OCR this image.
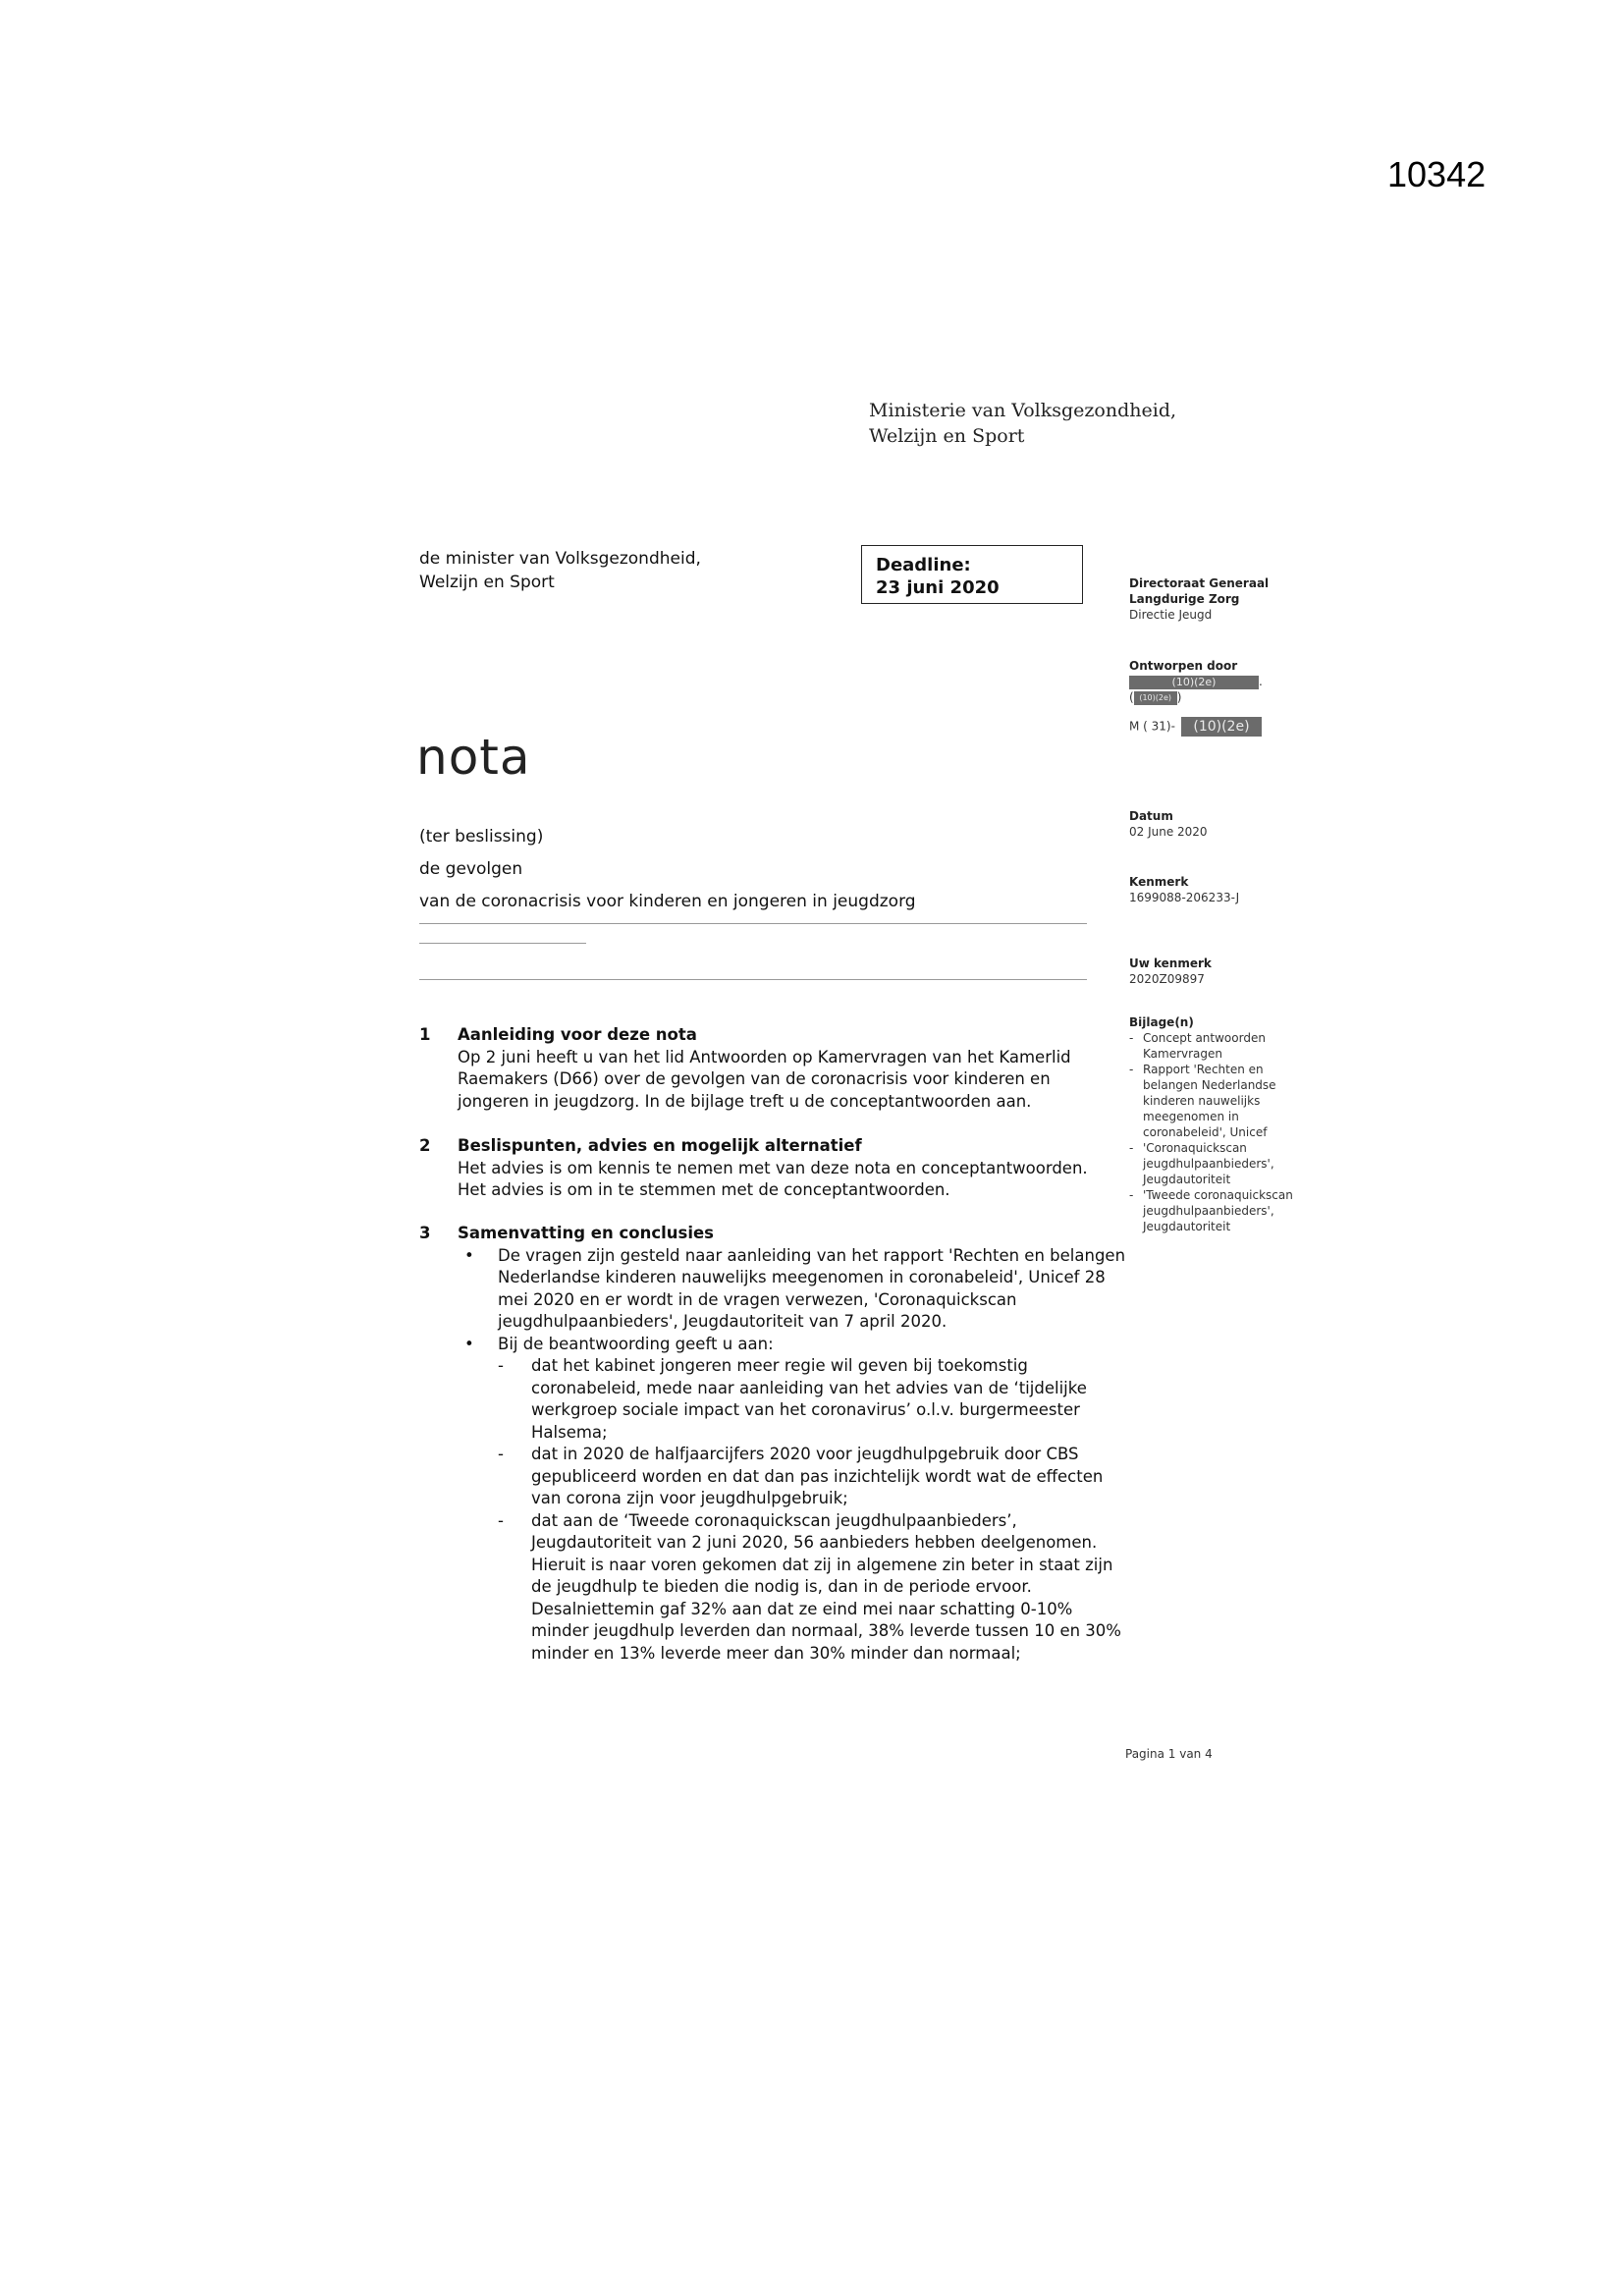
10342
Ministerie van Volksgezondheid,
Welzijn en Sport
de minister van Volksgezondheid,
Welzijn en Sport
Deadline:
23 juni 2020
nota
(ter beslissing)
de gevolgen
van de coronacrisis voor kinderen en jongeren in jeugdzorg
Directoraat Generaal
Langdurige Zorg
Directie Jeugd
Ontworpen door
(10)(2e)	.
( (10)(2e) )
M ( 31)- (10)(2e)
Datum
02 June 2020
Kenmerk
1699088-206233-J
Uw kenmerk
2020Z09897
Bijlage(n)
- Concept antwoorden Kamervragen
- Rapport 'Rechten en belangen Nederlandse kinderen nauwelijks meegenomen in coronabeleid', Unicef
- 'Coronaquickscan jeugdhulpaanbieders', Jeugdautoriteit
- 'Tweede coronaquickscan jeugdhulpaanbieders', Jeugdautoriteit
1 Aanleiding voor deze nota

Op 2 juni heeft u van het lid Antwoorden op Kamervragen van het Kamerlid Raemakers (D66) over de gevolgen van de coronacrisis voor kinderen en jongeren in jeugdzorg. In de bijlage treft u de conceptantwoorden aan.

2 Beslispunten, advies en mogelijk alternatief

Het advies is om kennis te nemen met van deze nota en conceptantwoorden.

Het advies is om in te stemmen met de conceptantwoorden.

3 Samenvatting en conclusies
• De vragen zijn gesteld naar aanleiding van het rapport 'Rechten en belangen Nederlandse kinderen nauwelijks meegenomen in coronabeleid', Unicef 28 mei 2020 en er wordt in de vragen verwezen, 'Coronaquickscan jeugdhulpaanbieders', Jeugdautoriteit van 7 april 2020.
• Bij de beantwoording geeft u aan:
- dat het kabinet jongeren meer regie wil geven bij toekomstig coronabeleid, mede naar aanleiding van het advies van de ‘tijdelijke werkgroep sociale impact van het coronavirus’ o.l.v. burgermeester Halsema;
- dat in 2020 de halfjaarcijfers 2020 voor jeugdhulpgebruik door CBS gepubliceerd worden en dat dan pas inzichtelijk wordt wat de effecten van corona zijn voor jeugdhulpgebruik;
- dat aan de ‘Tweede coronaquickscan jeugdhulpaanbieders’, Jeugdautoriteit van 2 juni 2020, 56 aanbieders hebben deelgenomen. Hieruit is naar voren gekomen dat zij in algemene zin beter in staat zijn de jeugdhulp te bieden die nodig is, dan in de periode ervoor. Desalniettemin gaf 32% aan dat ze eind mei naar schatting 0-10% minder jeugdhulp leverden dan normaal, 38% leverde tussen 10 en 30% minder en 13% leverde meer dan 30% minder dan normaal;
Pagina 1 van 4
